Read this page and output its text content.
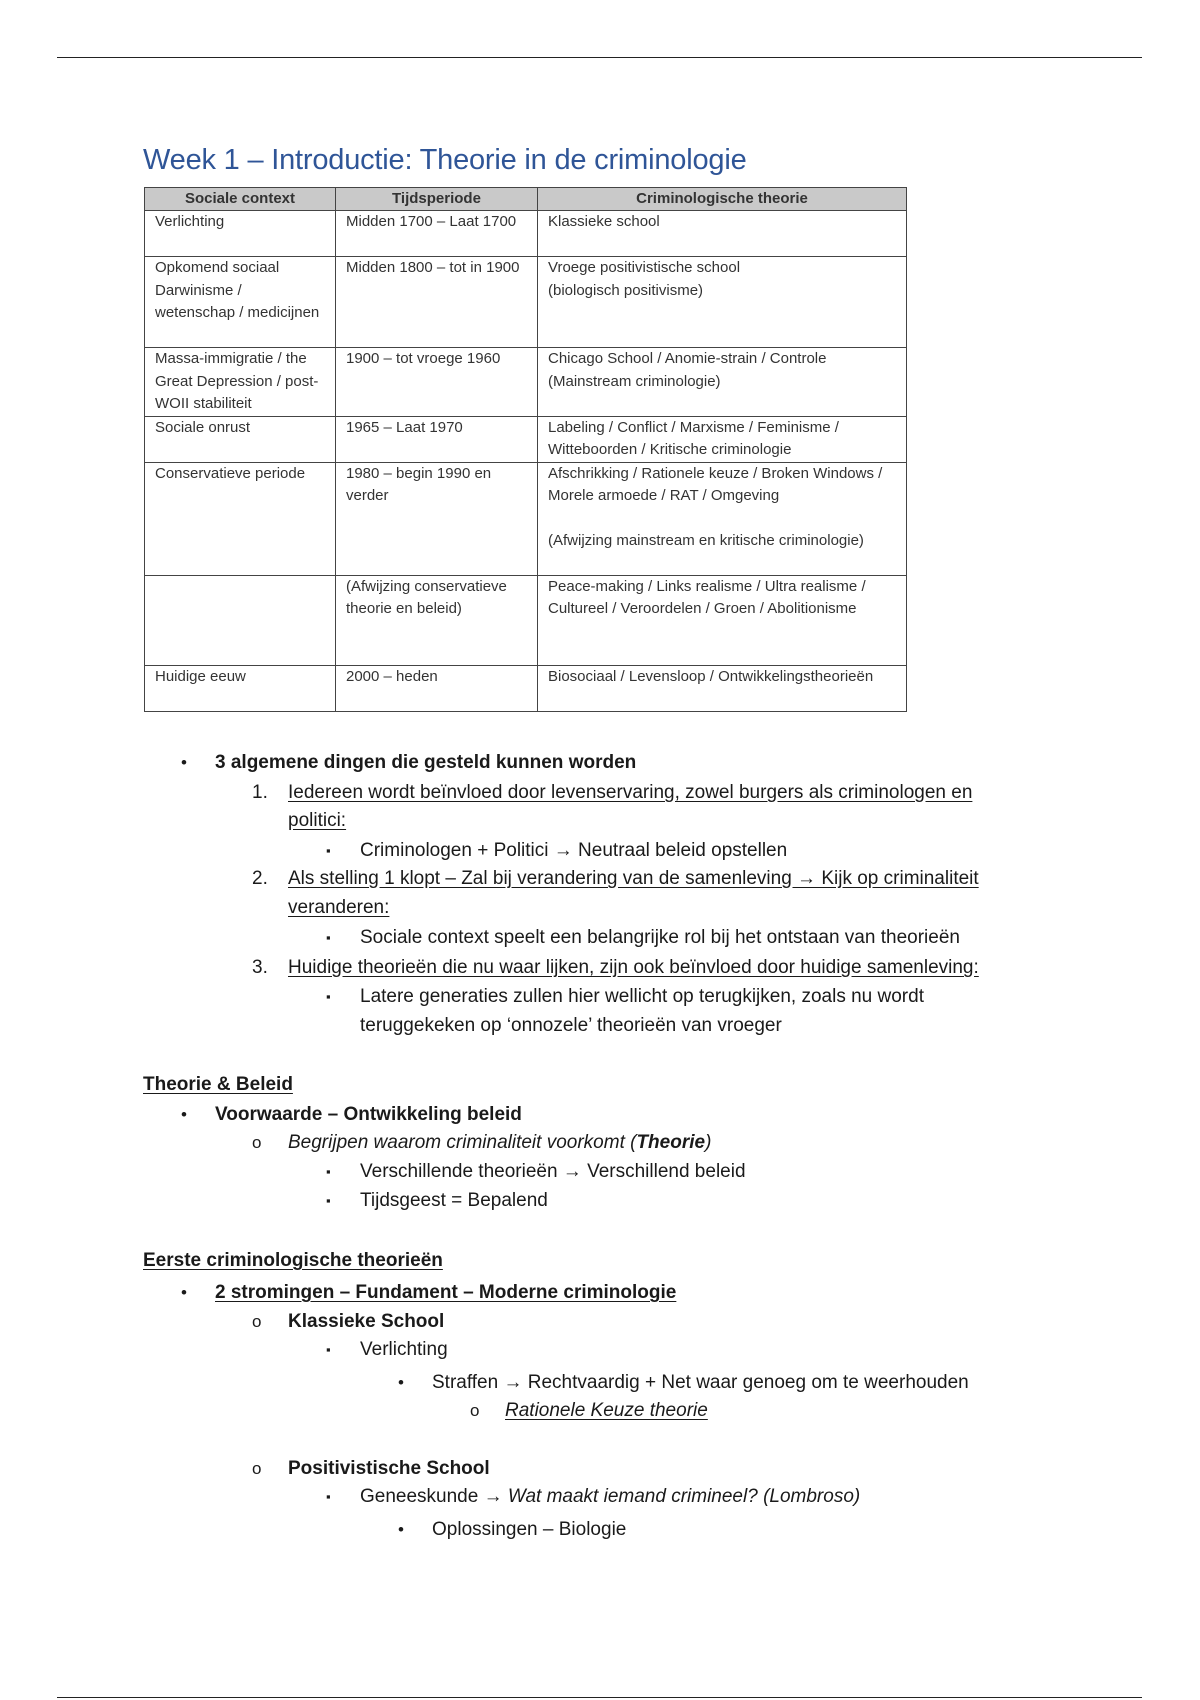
Week 1 – Introductie: Theorie in de criminologie
Sociale context	Tijdsperiode	Criminologische theorie
Verlichting	Midden 1700 – Laat 1700	Klassieke school
Opkomend sociaal Darwinisme / wetenschap / medicijnen	Midden 1800 – tot in 1900	Vroege positivistische school
(biologisch positivisme)

Massa-immigratie / the Great Depression / post-WOII stabiliteit	1900 – tot vroege 1960	Chicago School / Anomie-strain / Controle
(Mainstream criminologie)

Sociale onrust	1965 – Laat 1970	Labeling / Conflict / Marxisme / Feminisme / Witteboorden / Kritische criminologie
Conservatieve periode	1980 – begin 1990 en verder	Afschrikking / Rationele keuze / Broken Windows / Morele armoede / RAT / Omgeving
(Afwijzing mainstream en kritische criminologie)

	(Afwijzing conservatieve theorie en beleid)	Peace-making / Links realisme / Ultra realisme / Cultureel / Veroordelen / Groen / Abolitionisme
Huidige eeuw	2000 – heden	Biosociaal / Levensloop / Ontwikkelingstheorieën
• 3 algemene dingen die gesteld kunnen worden
1. Iedereen wordt beïnvloed door levenservaring, zowel burgers als criminologen en
politici:
▪ Criminologen + Politici → Neutraal beleid opstellen
2. Als stelling 1 klopt – Zal bij verandering van de samenleving → Kijk op criminaliteit
veranderen:
▪ Sociale context speelt een belangrijke rol bij het ontstaan van theorieën
3. Huidige theorieën die nu waar lijken, zijn ook beïnvloed door huidige samenleving:
▪ Latere generaties zullen hier wellicht op terugkijken, zoals nu wordt
teruggekeken op ‘onnozele’ theorieën van vroeger
Theorie & Beleid
• Voorwaarde – Ontwikkeling beleid
o Begrijpen waarom criminaliteit voorkomt (Theorie)
▪ Verschillende theorieën → Verschillend beleid
▪ Tijdsgeest = Bepalend
Eerste criminologische theorieën
• 2 stromingen – Fundament – Moderne criminologie
o Klassieke School
▪ Verlichting
• Straffen → Rechtvaardig + Net waar genoeg om te weerhouden
o Rationele Keuze theorie
o Positivistische School
▪ Geneeskunde → Wat maakt iemand crimineel? (Lombroso)
• Oplossingen – Biologie
